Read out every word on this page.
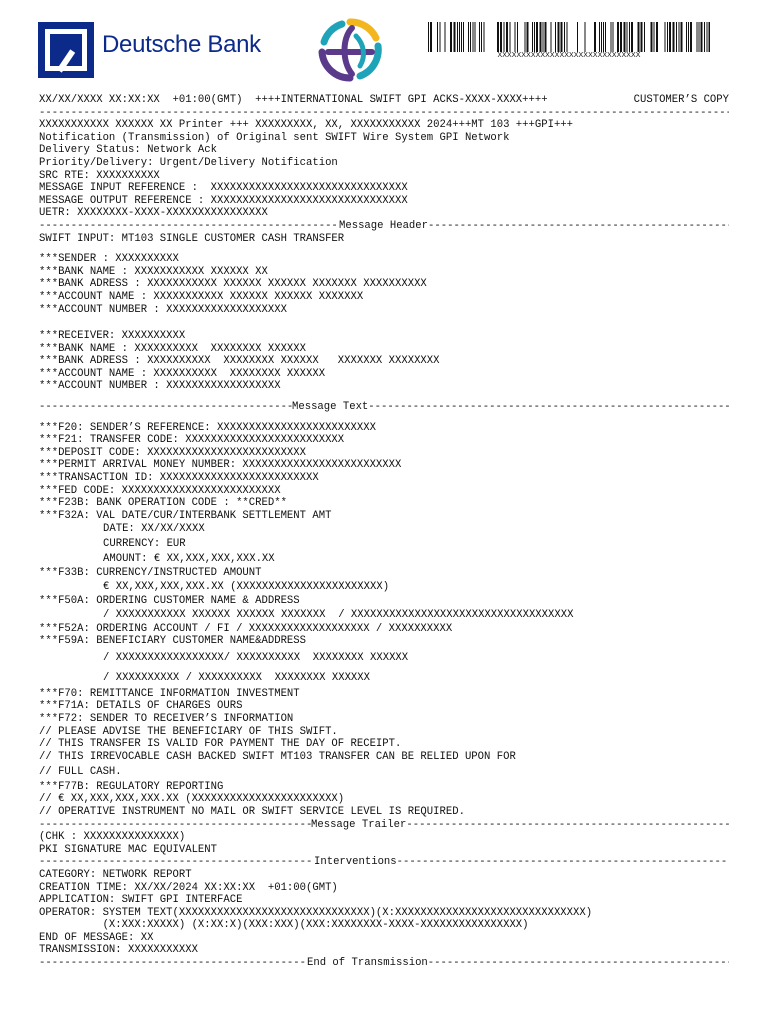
Deutsche Bank	XXXXXXXXXXXXXXXXXXXXXXXXXXXXXX
XX/XX/XXXX XX:XX:XX  +01:00(GMT)  ++++INTERNATIONAL SWIFT GPI ACKS-XXXX-XXXX++++	CUSTOMER’S COPY
-----
XXXXXXXXXXX XXXXXX XX Printer +++ XXXXXXXXX, XX, XXXXXXXXXXX 2024+++MT 103 +++GPI+++
Notification (Transmission) of Original sent SWIFT Wire System GPI Network
Delivery Status: Network Ack
Priority/Delivery: Urgent/Delivery Notification
SRC RTE: XXXXXXXXXX
MESSAGE INPUT REFERENCE :  XXXXXXXXXXXXXXXXXXXXXXXXXXXXXXX
MESSAGE OUTPUT REFERENCE : XXXXXXXXXXXXXXXXXXXXXXXXXXXXXXX
UETR: XXXXXXXX-XXXX-XXXXXXXXXXXXXXXX
-----
Message Header
-----
SWIFT INPUT: MT103 SINGLE CUSTOMER CASH TRANSFER
***SENDER : XXXXXXXXXX
***BANK NAME : XXXXXXXXXXX XXXXXX XX
***BANK ADRESS : XXXXXXXXXXX XXXXXX XXXXXX XXXXXXX XXXXXXXXXX
***ACCOUNT NAME : XXXXXXXXXXX XXXXXX XXXXXX XXXXXXX
***ACCOUNT NUMBER : XXXXXXXXXXXXXXXXXXX
***RECEIVER: XXXXXXXXXX
***BANK NAME : XXXXXXXXXX  XXXXXXXX XXXXXX
***BANK ADRESS : XXXXXXXXXX  XXXXXXXX XXXXXX   XXXXXXX XXXXXXXX
***ACCOUNT NAME : XXXXXXXXXX  XXXXXXXX XXXXXX
***ACCOUNT NUMBER : XXXXXXXXXXXXXXXXXX
-----
Message Text
-----
***F20: SENDER’S REFERENCE: XXXXXXXXXXXXXXXXXXXXXXXXX
***F21: TRANSFER CODE: XXXXXXXXXXXXXXXXXXXXXXXXX
***DEPOSIT CODE: XXXXXXXXXXXXXXXXXXXXXXXXX
***PERMIT ARRIVAL MONEY NUMBER: XXXXXXXXXXXXXXXXXXXXXXXXX
***TRANSACTION ID: XXXXXXXXXXXXXXXXXXXXXXXXX
***FED CODE: XXXXXXXXXXXXXXXXXXXXXXXXX
***F23B: BANK OPERATION CODE : **CRED**
***F32A: VAL DATE/CUR/INTERBANK SETTLEMENT AMT
DATE: XX/XX/XXXX
CURRENCY: EUR
AMOUNT: € XX,XXX,XXX,XXX.XX
***F33B: CURRENCY/INSTRUCTED AMOUNT
€ XX,XXX,XXX,XXX.XX (XXXXXXXXXXXXXXXXXXXXXXX)
***F50A: ORDERING CUSTOMER NAME & ADDRESS
/ XXXXXXXXXXX XXXXXX XXXXXX XXXXXXX  / XXXXXXXXXXXXXXXXXXXXXXXXXXXXXXXXXXX
***F52A: ORDERING ACCOUNT / FI / XXXXXXXXXXXXXXXXXXX / XXXXXXXXXX
***F59A: BENEFICIARY CUSTOMER NAME&ADDRESS
/ XXXXXXXXXXXXXXXXX/ XXXXXXXXXX  XXXXXXXX XXXXXX
/ XXXXXXXXXX / XXXXXXXXXX  XXXXXXXX XXXXXX
***F70: REMITTANCE INFORMATION INVESTMENT
***F71A: DETAILS OF CHARGES OURS
***F72: SENDER TO RECEIVER’S INFORMATION
// PLEASE ADVISE THE BENEFICIARY OF THIS SWIFT.
// THIS TRANSFER IS VALID FOR PAYMENT THE DAY OF RECEIPT.
// THIS IRREVOCABLE CASH BACKED SWIFT MT103 TRANSFER CAN BE RELIED UPON FOR
// FULL CASH.
***F77B: REGULATORY REPORTING
// € XX,XXX,XXX,XXX.XX (XXXXXXXXXXXXXXXXXXXXXXX)
// OPERATIVE INSTRUMENT NO MAIL OR SWIFT SERVICE LEVEL IS REQUIRED.
-----
Message Trailer
-----
(CHK : XXXXXXXXXXXXXXX)
PKI SIGNATURE MAC EQUIVALENT
-----
Interventions
-----
CATEGORY: NETWORK REPORT
CREATION TIME: XX/XX/2024 XX:XX:XX  +01:00(GMT)
APPLICATION: SWIFT GPI INTERFACE
OPERATOR: SYSTEM TEXT(XXXXXXXXXXXXXXXXXXXXXXXXXXXXXX)(X:XXXXXXXXXXXXXXXXXXXXXXXXXXXXXX)
(X:XXX:XXXXX) (X:XX:X)(XXX:XXX)(XXX:XXXXXXXX-XXXX-XXXXXXXXXXXXXXXX)
END OF MESSAGE: XX
TRANSMISSION: XXXXXXXXXXX
-----
End of Transmission
-----
